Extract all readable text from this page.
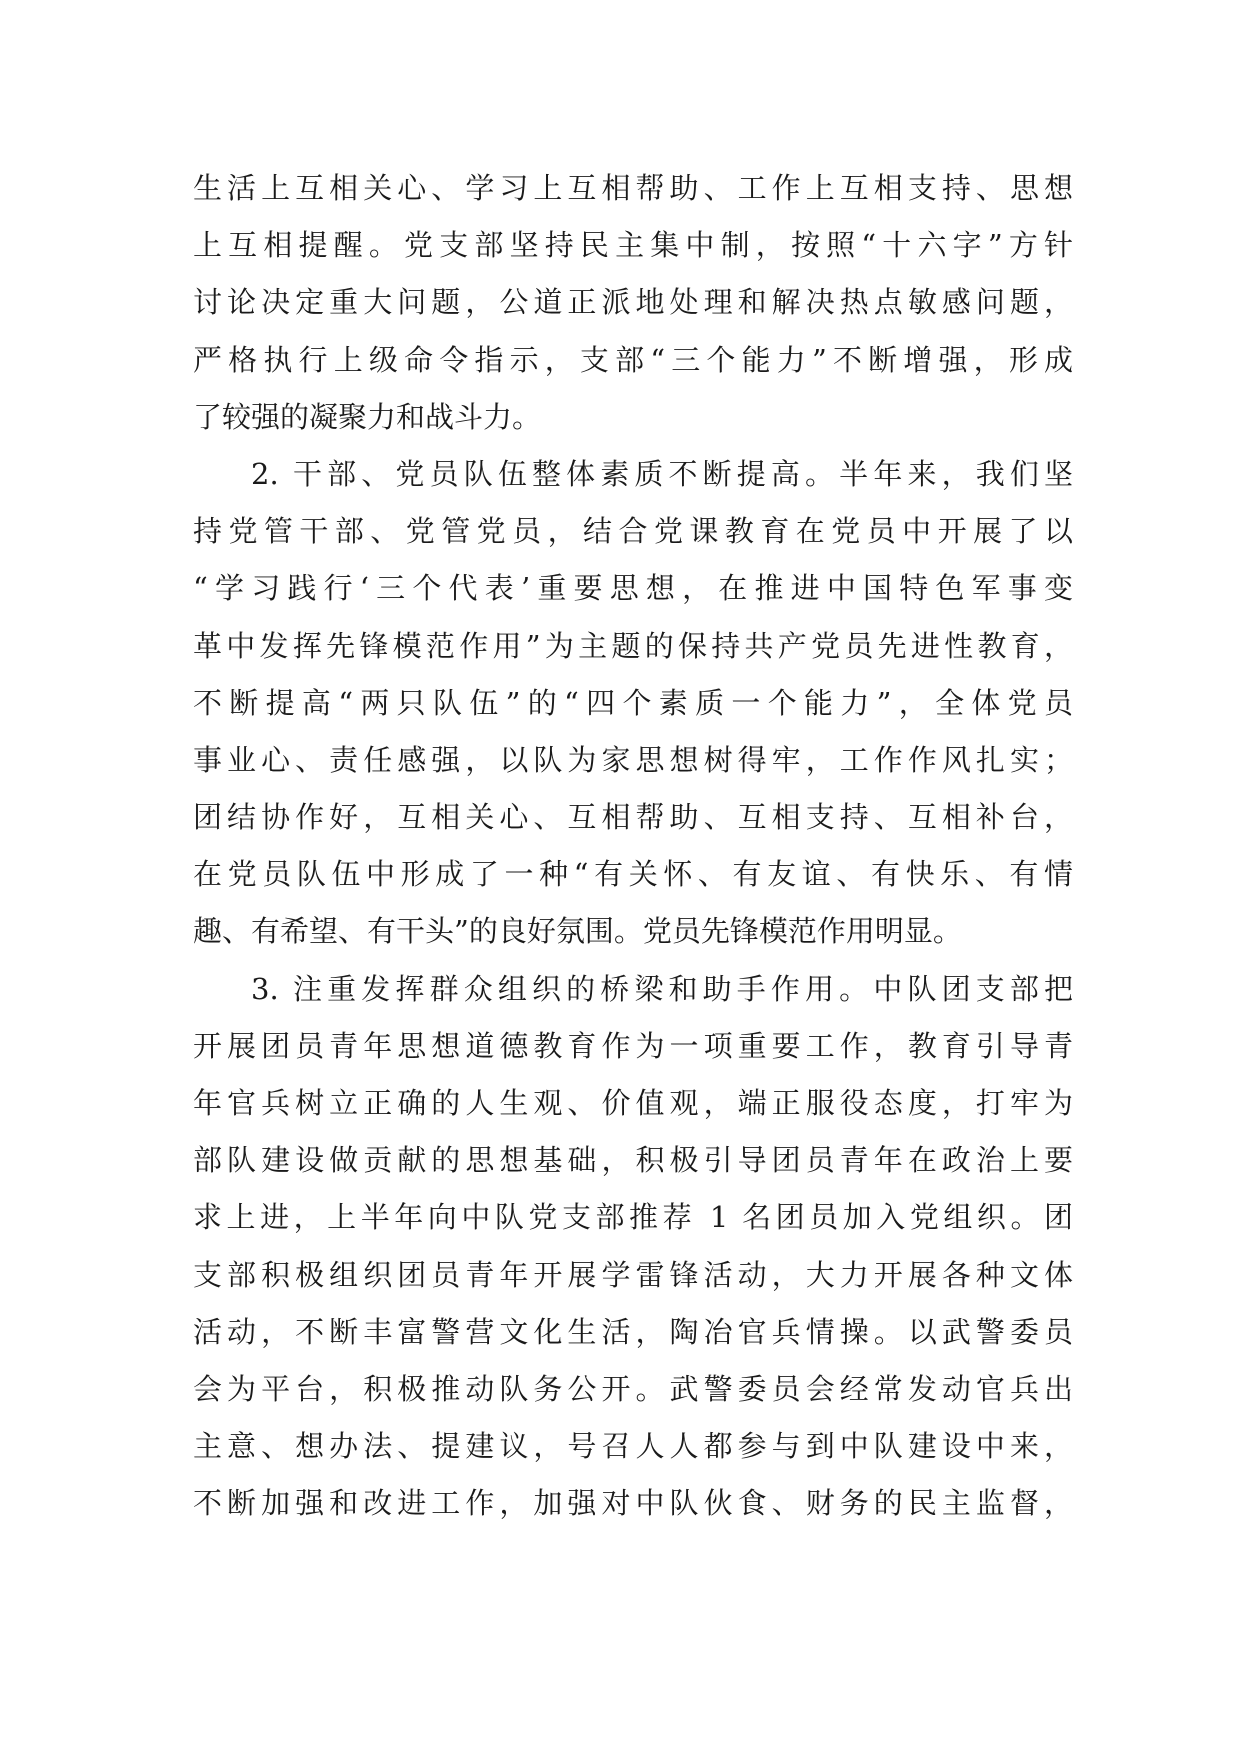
生活上互相关心、学习上互相帮助、工作上互相支持、思想
上互相提醒。党支部坚持民主集中制，按照“十六字”方针
讨论决定重大问题，公道正派地处理和解决热点敏感问题，
严格执行上级命令指示，支部“三个能力”不断增强，形成
了较强的凝聚力和战斗力。
2. 干部、党员队伍整体素质不断提高。半年来，我们坚
持党管干部、党管党员，结合党课教育在党员中开展了以
“学习践行‘三个代表’重要思想，在推进中国特色军事变
革中发挥先锋模范作用”为主题的保持共产党员先进性教育，
不断提高“两只队伍”的“四个素质一个能力”，全体党员
事业心、责任感强，以队为家思想树得牢，工作作风扎实；
团结协作好，互相关心、互相帮助、互相支持、互相补台，
在党员队伍中形成了一种“有关怀、有友谊、有快乐、有情
趣、有希望、有干头”的良好氛围。党员先锋模范作用明显。
3. 注重发挥群众组织的桥梁和助手作用。中队团支部把
开展团员青年思想道德教育作为一项重要工作，教育引导青
年官兵树立正确的人生观、价值观，端正服役态度，打牢为
部队建设做贡献的思想基础，积极引导团员青年在政治上要
求上进，上半年向中队党支部推荐 1 名团员加入党组织。团
支部积极组织团员青年开展学雷锋活动，大力开展各种文体
活动，不断丰富警营文化生活，陶冶官兵情操。以武警委员
会为平台，积极推动队务公开。武警委员会经常发动官兵出
主意、想办法、提建议，号召人人都参与到中队建设中来，
不断加强和改进工作，加强对中队伙食、财务的民主监督，
